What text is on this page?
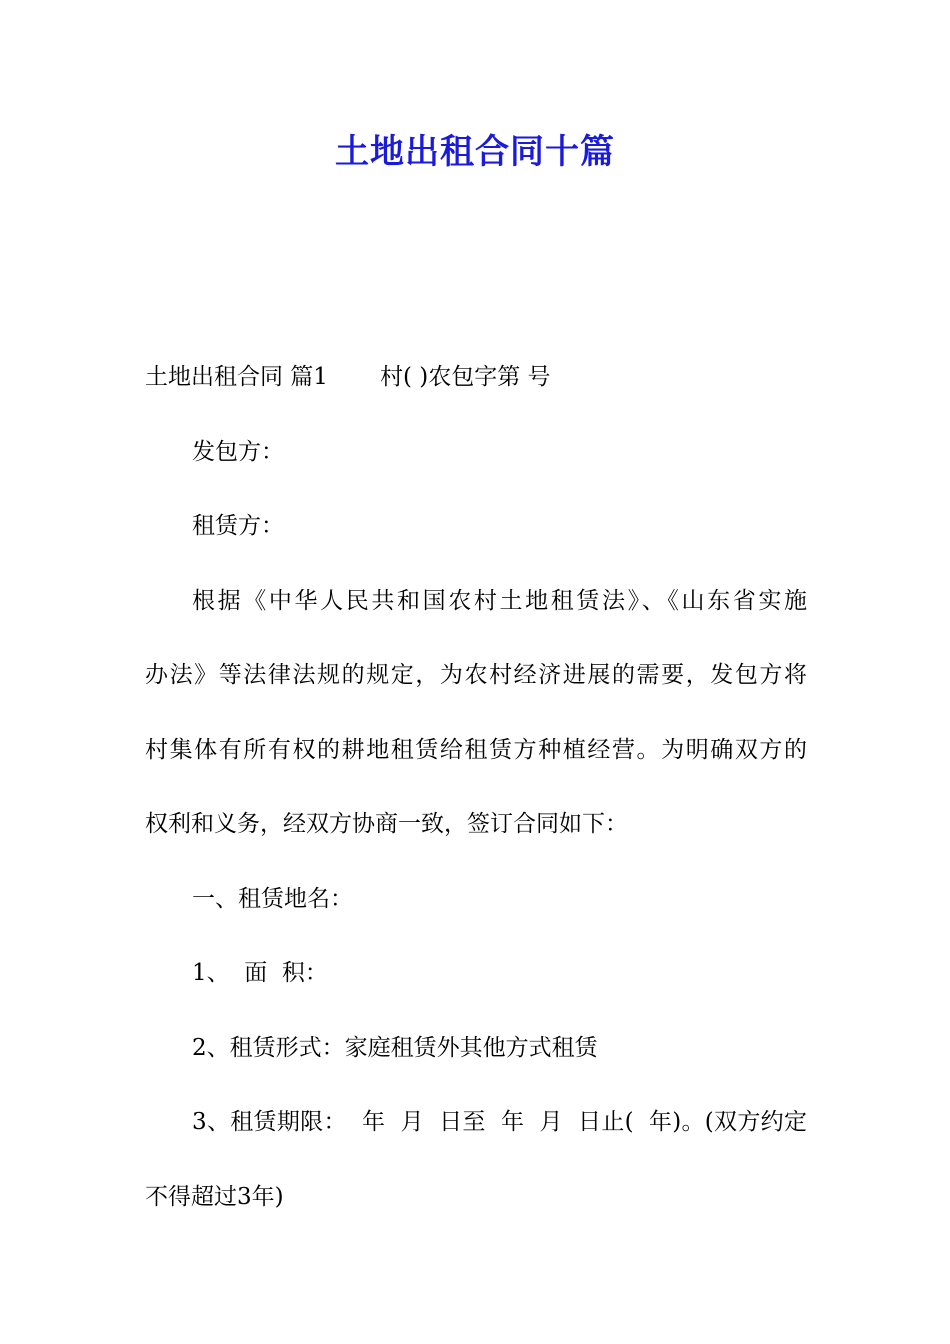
土地出租合同十篇
土地出租合同 篇1 村( )农包字第 号
发包方：
租赁方：
根据《中华人民共和国农村土地租赁法》、《山东省实施
办法》等法律法规的规定，为农村经济进展的需要，发包方将
村集体有所有权的耕地租赁给租赁方种植经营。为明确双方的
权利和义务，经双方协商一致，签订合同如下：
一、租赁地名：
1、  面  积：
2、租赁形式：家庭租赁外其他方式租赁
3、租赁期限：  年  月  日至  年  月  日止(  年)。(双方约定
不得超过3年)
